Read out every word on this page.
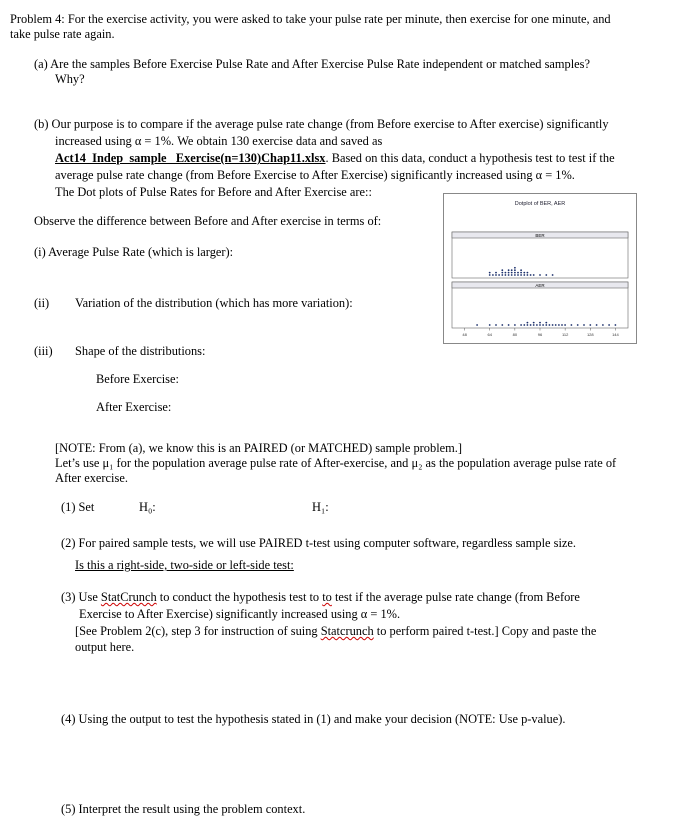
Problem 4: For the exercise activity, you were asked to take your pulse rate per minute, then exercise for one minute, and
take pulse rate again.
(a) Are the samples Before Exercise Pulse Rate and After Exercise Pulse Rate independent or matched samples?
Why?
(b) Our purpose is to compare if the average pulse rate change (from Before exercise to After exercise) significantly
increased using α = 1%. We obtain 130 exercise data and saved as
Act14_Indep_sample_ Exercise(n=130)Chap11.xlsx. Based on this data, conduct a hypothesis test to test if the
average pulse rate change (from Before Exercise to After Exercise) significantly increased using α = 1%.
The Dot plots of Pulse Rates for Before and After Exercise are::
Observe the difference between Before and After exercise in terms of:
(i) Average Pulse Rate (which is larger):
(ii) Variation of the distribution (which has more variation):
(iii) Shape of the distributions:
Before Exercise:
After Exercise:
Dotplot of BER, AER
BER
AER
48	64	80	96	112	128	144
[NOTE: From (a), we know this is an PAIRED (or MATCHED) sample problem.]
Let’s use μ₁ for the population average pulse rate of After-exercise, and μ₂ as the population average pulse rate of
After exercise.
(1) Set	H₀:	H₁:
(2) For paired sample tests, we will use PAIRED t-test using computer software, regardless sample size.
Is this a right-side, two-side or left-side test:
(3) Use StatCrunch to conduct the hypothesis test to to test if the average pulse rate change (from Before
Exercise to After Exercise) significantly increased using α = 1%.
[See Problem 2(c), step 3 for instruction of suing Statcrunch to perform paired t-test.] Copy and paste the
output here.
(4) Using the output to test the hypothesis stated in (1) and make your decision (NOTE: Use p-value).
(5) Interpret the result using the problem context.
